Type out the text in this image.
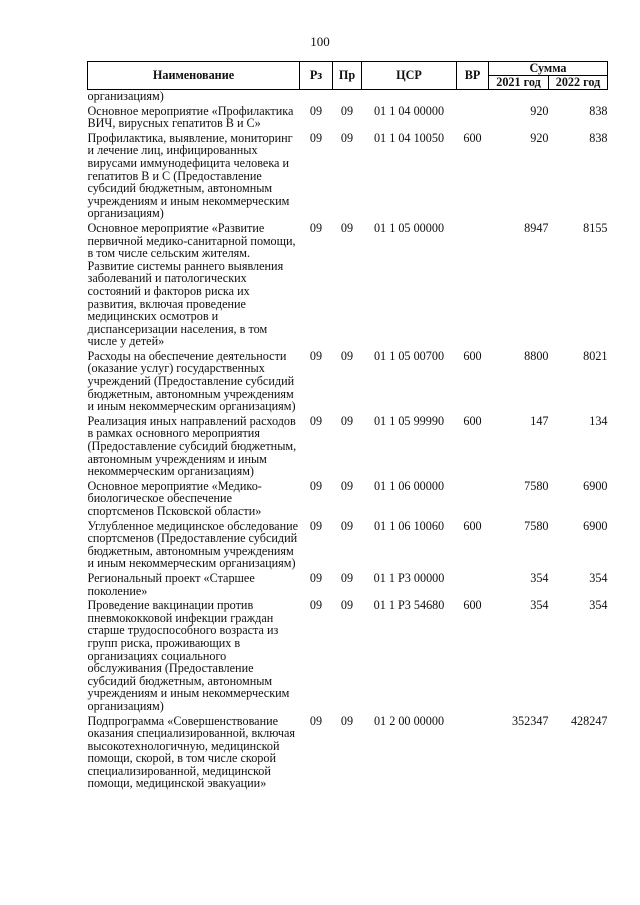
100
Наименование	Рз	Пр	ЦСР	ВР	Сумма	
					2021 год	2022 год
организациям)						
Основное мероприятие «Профилактика ВИЧ, вирусных гепатитов В и С»	09	09	01 1 04 00000		920	838
Профилактика, выявление, мониторинг и лечение лиц, инфицированных вирусами иммунодефицита человека и гепатитов В и С (Предоставление субсидий бюджетным, автономным учреждениям и иным некоммерческим организациям)	09	09	01 1 04 10050	600	920	838
Основное мероприятие «Развитие первичной медико-санитарной помощи, в том числе сельским жителям. Развитие системы раннего выявления заболеваний и патологических состояний и факторов риска их развития, включая проведение медицинских осмотров и диспансеризации населения, в том числе у детей»	09	09	01 1 05 00000		8947	8155
Расходы на обеспечение деятельности (оказание услуг) государственных учреждений (Предоставление субсидий бюджетным, автономным учреждениям и иным некоммерческим организациям)	09	09	01 1 05 00700	600	8800	8021
Реализация иных направлений расходов в рамках основного мероприятия (Предоставление субсидий бюджетным, автономным учреждениям и иным некоммерческим организациям)	09	09	01 1 05 99990	600	147	134
Основное мероприятие «Медико-биологическое обеспечение спортсменов Псковской области»	09	09	01 1 06 00000		7580	6900
Углубленное медицинское обследование спортсменов (Предоставление субсидий бюджетным, автономным учреждениям и иным некоммерческим организациям)	09	09	01 1 06 10060	600	7580	6900
Региональный проект «Старшее поколение»	09	09	01 1 P3 00000		354	354
Проведение вакцинации против пневмококковой инфекции граждан старше трудоспособного возраста из групп риска, проживающих в организациях социального обслуживания (Предоставление субсидий бюджетным, автономным учреждениям и иным некоммерческим организациям)	09	09	01 1 P3 54680	600	354	354
Подпрограмма «Совершенствование оказания специализированной, включая высокотехнологичную, медицинской помощи, скорой, в том числе скорой специализированной, медицинской помощи, медицинской эвакуации»	09	09	01 2 00 00000		352347	428247
